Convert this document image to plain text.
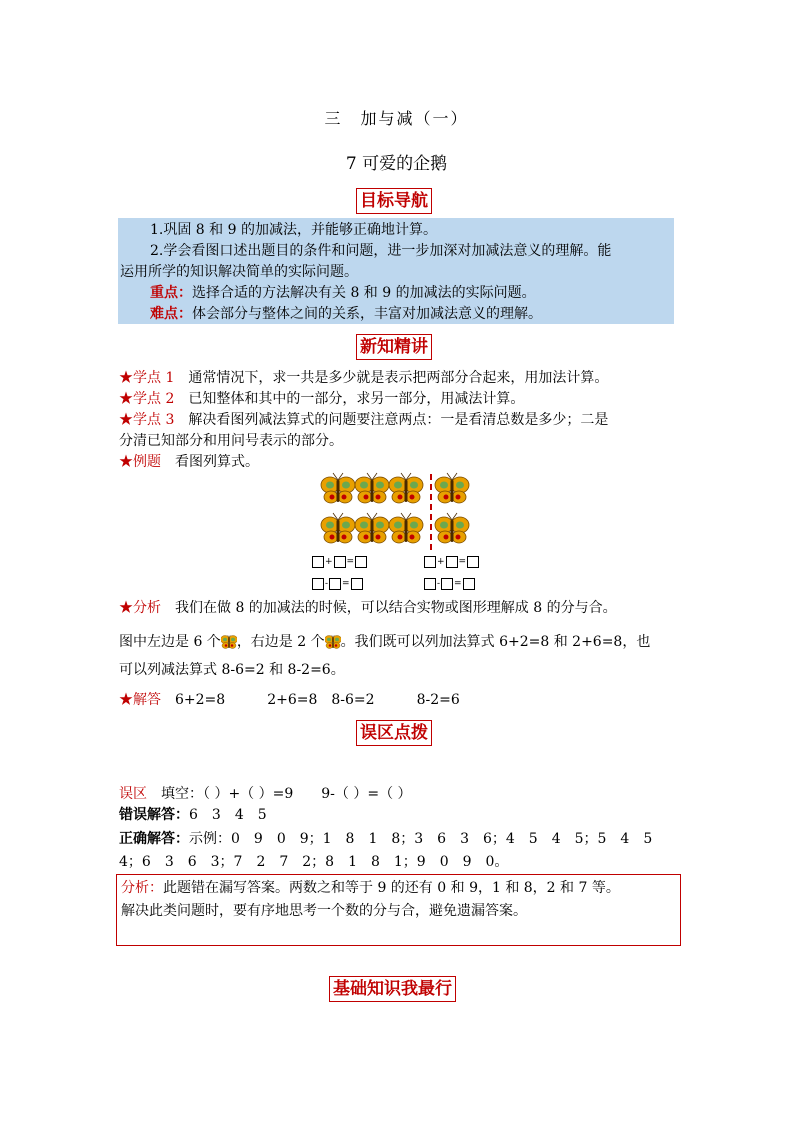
三　加与减（一）
7 可爱的企鹅
目标导航
1.巩固 8 和 9 的加减法，并能够正确地计算。
2.学会看图口述出题目的条件和问题，进一步加深对加减法意义的理解。能
运用所学的知识解决简单的实际问题。
重点：选择合适的方法解决有关 8 和 9 的加减法的实际问题。
难点：体会部分与整体之间的关系，丰富对加减法意义的理解。
新知精讲
★学点 1　 通常情况下，求一共是多少就是表示把两部分合起来，用加法计算。
★学点 2　 已知整体和其中的一部分，求另一部分，用减法计算。
★学点 3　 解决看图列减法算式的问题要注意两点：一是看清总数是多少；二是
分清已知部分和用问号表示的部分。
★例题　 看图列算式。
+ =
- =
+ =
- =
★分析　 我们在做 8 的加减法的时候，可以结合实物或图形理解成 8 的分与合。
图中左边是 6 个 ，右边是 2 个 。我们既可以列加法算式 6+2=8 和 2+6=8，也
可以列减法算式 8-6=2 和 8-2=6。
★解答　 6+2=8　　　	2+6=8　 8-6=2　　　	8-2=6
误区点拨
误区　 填空：（ ）+（ ）=9　　9-（ ）=（ ）
错误解答：6　3　4　5
正确解答：示例：0　9　0　9；1　8　1　8；3　6　3　6；4　5　4　5；5　4　5
4；6　3　6　3；7　2　7　2；8　1　8　1；9　0　9　0。
分析：此题错在漏写答案。两数之和等于 9 的还有 0 和 9，1 和 8，2 和 7 等。
解决此类问题时，要有序地思考一个数的分与合，避免遗漏答案。
基础知识我最行
